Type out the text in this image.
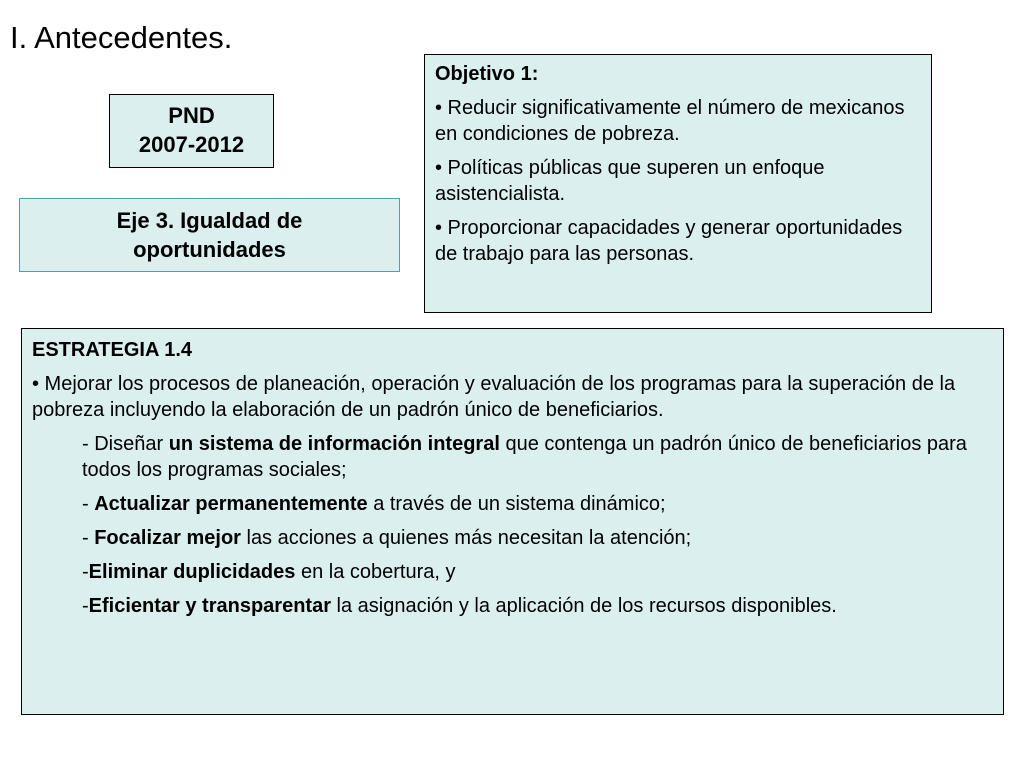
I. Antecedentes.
PND
2007-2012
Eje 3. Igualdad de
oportunidades

Objetivo 1:

• Reducir significativamente el número de mexicanos en condiciones de pobreza.

• Políticas públicas que superen un enfoque asistencialista.

• Proporcionar capacidades y generar oportunidades de trabajo para las personas.

ESTRATEGIA 1.4

• Mejorar los procesos de planeación, operación y evaluación de los programas para la superación de la pobreza incluyendo la elaboración de un padrón único de beneficiarios.

- Diseñar un sistema de información integral que contenga un padrón único de beneficiarios para todos los programas sociales;

- Actualizar permanentemente a través de un sistema dinámico;

- Focalizar mejor las acciones a quienes más necesitan la atención;

-Eliminar duplicidades en la cobertura, y

-Eficientar y transparentar la asignación y la aplicación de los recursos disponibles.
